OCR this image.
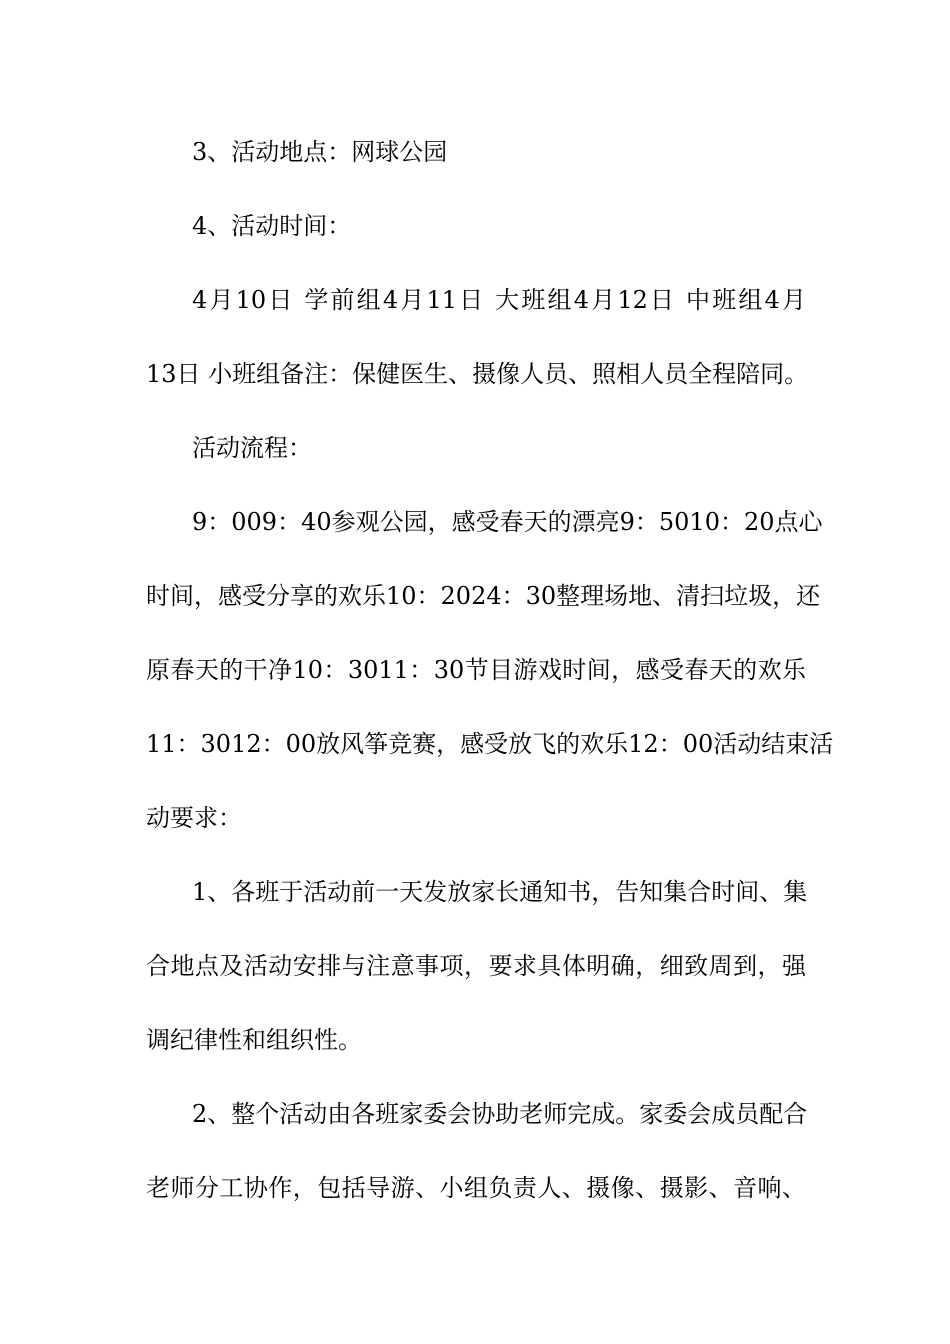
3、活动地点：网球公园
4、活动时间：
4月10日 学前组4月11日 大班组4月12日 中班组4月
13日 小班组备注：保健医生、摄像人员、照相人员全程陪同。
活动流程：
9：009：40参观公园，感受春天的漂亮9：5010：20点心
时间，感受分享的欢乐10：2024：30整理场地、清扫垃圾，还
原春天的干净10：3011：30节目游戏时间，感受春天的欢乐
11：3012：00放风筝竞赛，感受放飞的欢乐12：00活动结束活
动要求：
1、各班于活动前一天发放家长通知书，告知集合时间、集
合地点及活动安排与注意事项，要求具体明确，细致周到，强
调纪律性和组织性。
2、整个活动由各班家委会协助老师完成。家委会成员配合
老师分工协作，包括导游、小组负责人、摄像、摄影、音响、
